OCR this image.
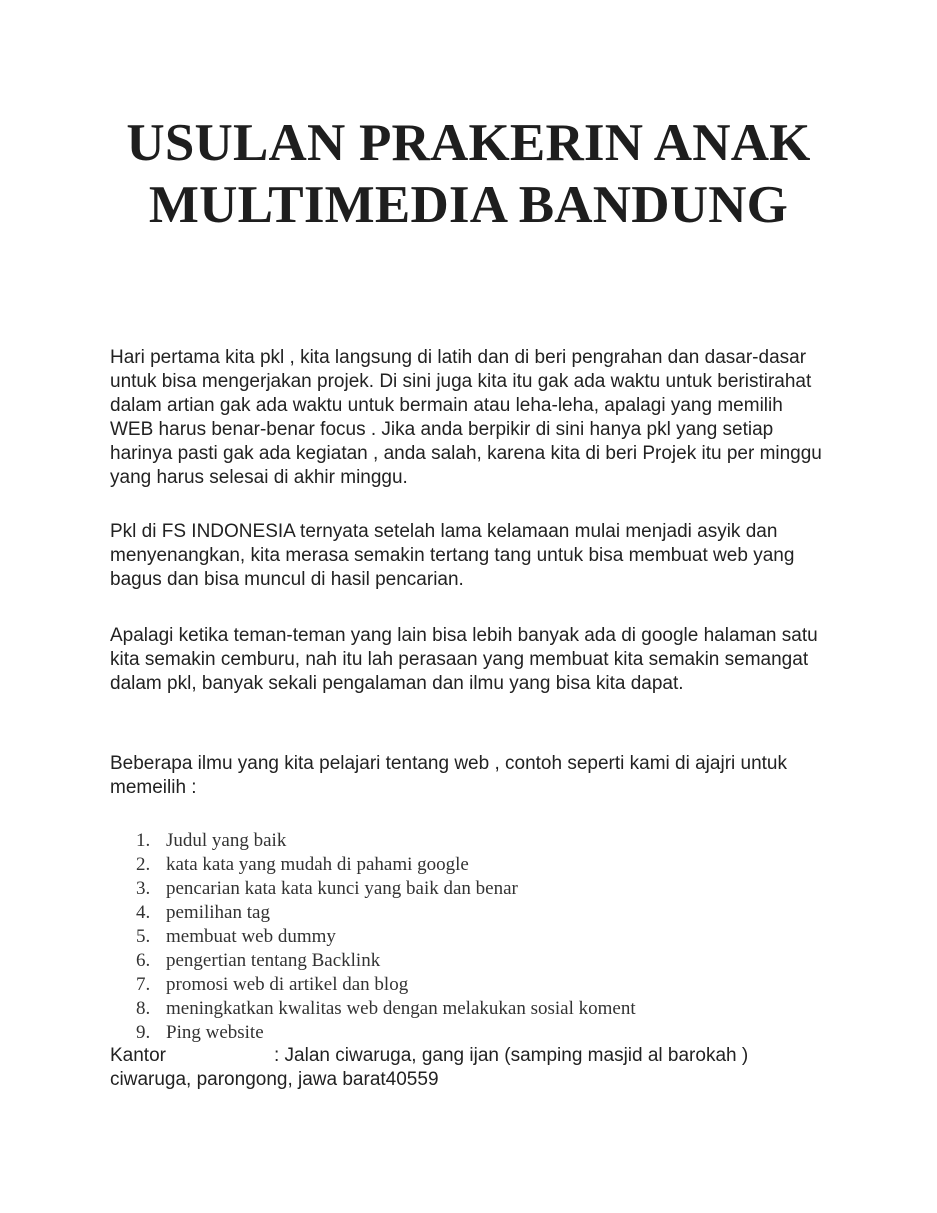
USULAN PRAKERIN ANAK
MULTIMEDIA BANDUNG

Hari pertama kita pkl , kita langsung di latih dan di beri pengrahan dan dasar-dasar untuk bisa mengerjakan projek. Di sini juga kita itu gak ada waktu untuk beristirahat dalam artian gak ada waktu untuk bermain atau leha-leha, apalagi yang memilih WEB harus benar-benar focus . Jika anda berpikir di sini hanya pkl yang setiap harinya pasti gak ada kegiatan , anda salah, karena kita di beri Projek itu per minggu yang harus selesai di akhir minggu.

Pkl di FS INDONESIA ternyata setelah lama kelamaan mulai menjadi asyik dan menyenangkan, kita merasa semakin tertang tang untuk bisa membuat web yang bagus dan bisa muncul di hasil pencarian.

Apalagi ketika teman-teman yang lain bisa lebih banyak ada di google halaman satu kita semakin cemburu, nah itu lah perasaan yang membuat kita semakin semangat dalam pkl, banyak sekali pengalaman dan ilmu yang bisa kita dapat.

Beberapa ilmu yang kita pelajari tentang web , contoh seperti kami di ajajri untuk memeilih :

1. Judul yang baik
2. kata kata yang mudah di pahami google
3. pencarian kata kata kunci yang baik dan benar
4. pemilihan tag
5. membuat web dummy
6. pengertian tentang Backlink
7. promosi web di artikel dan blog
8. meningkatkan kwalitas web dengan melakukan sosial koment
9. Ping website

Kantor	: Jalan ciwaruga, gang ijan (samping masjid al barokah ) ciwaruga, parongong, jawa barat40559
